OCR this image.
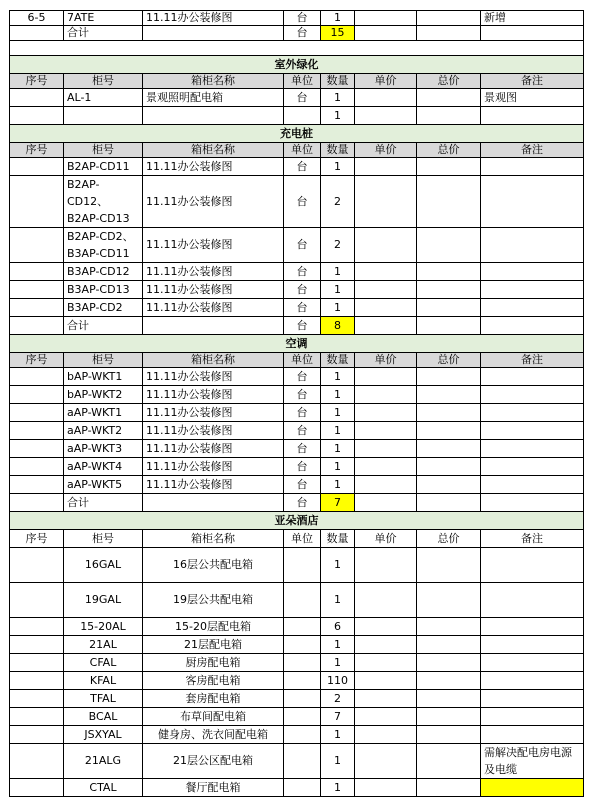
6-5	7ATE	11.11办公装修图	台	1			新增
	合计		台	15			

室外绿化							
序号	柜号	箱柜名称	单位	数量	单价	总价	备注
	AL-1	景观照明配电箱	台	1			景观图
				1			
充电桩							
序号	柜号	箱柜名称	单位	数量	单价	总价	备注
	B2AP-CD11	11.11办公装修图	台	1			
	B2AP-CD12、B2AP-CD13	11.11办公装修图	台	2			
	B2AP-CD2、B3AP-CD11	11.11办公装修图	台	2			
	B3AP-CD12	11.11办公装修图	台	1			
	B3AP-CD13	11.11办公装修图	台	1			
	B3AP-CD2	11.11办公装修图	台	1			
	合计		台	8			
空调							
序号	柜号	箱柜名称	单位	数量	单价	总价	备注
	bAP-WKT1	11.11办公装修图	台	1			
	bAP-WKT2	11.11办公装修图	台	1			
	aAP-WKT1	11.11办公装修图	台	1			
	aAP-WKT2	11.11办公装修图	台	1			
	aAP-WKT3	11.11办公装修图	台	1			
	aAP-WKT4	11.11办公装修图	台	1			
	aAP-WKT5	11.11办公装修图	台	1			
	合计		台	7			
亚朵酒店							
序号	柜号	箱柜名称	单位	数量	单价	总价	备注
	16GAL	16层公共配电箱		1			
	19GAL	19层公共配电箱		1			
	15-20AL	15-20层配电箱		6			
	21AL	21层配电箱		1			
	CFAL	厨房配电箱		1			
	KFAL	客房配电箱		110			
	TFAL	套房配电箱		2			
	BCAL	布草间配电箱		7			
	JSXYAL	健身房、洗衣间配电箱		1			
	21ALG	21层公区配电箱		1			需解决配电房电源及电缆
	CTAL	餐厅配电箱		1			
